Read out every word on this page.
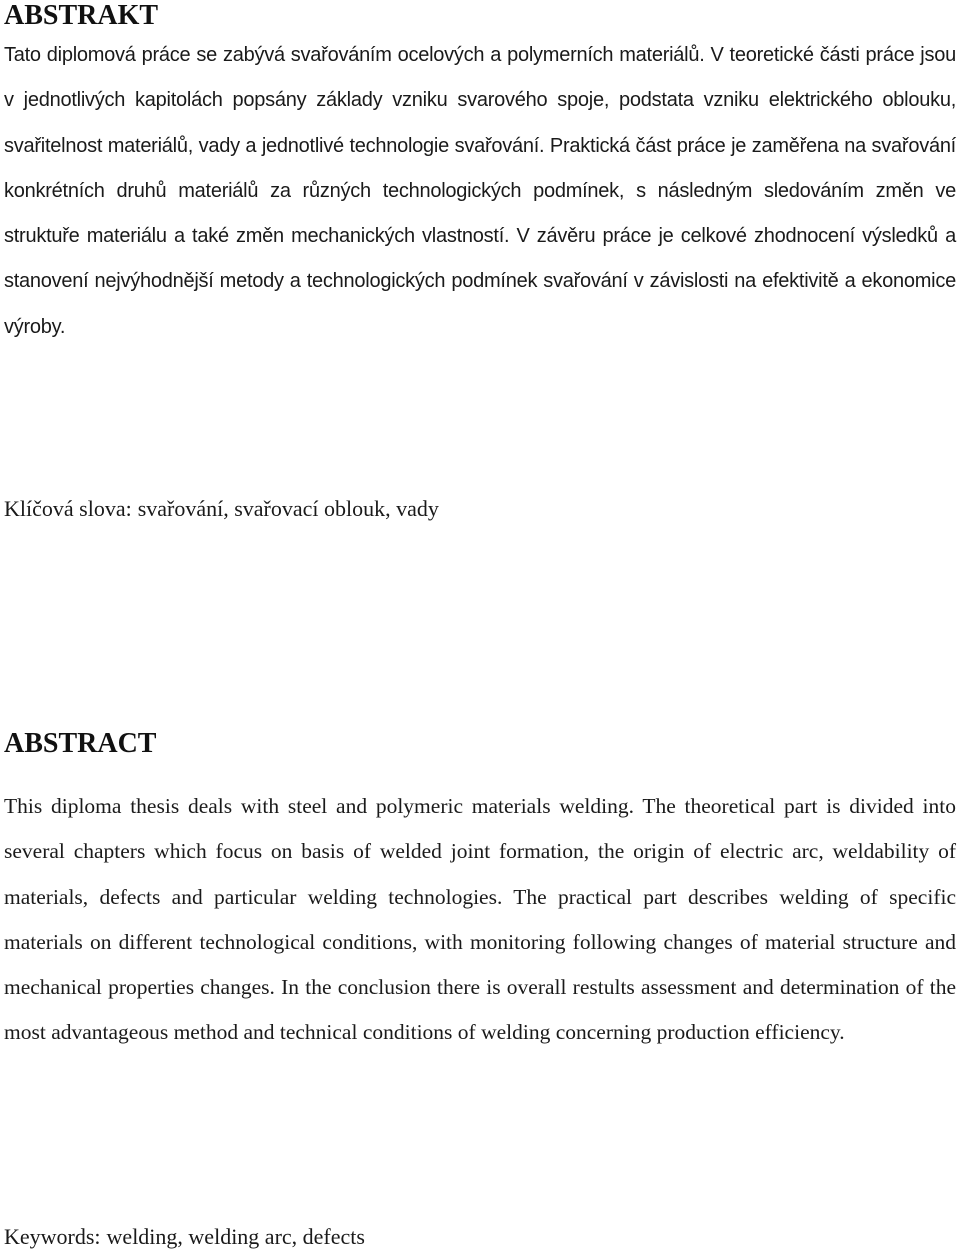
ABSTRAKT

Tato diplomová práce se zabývá svařováním ocelových a polymerních materiálů. V teoretické části práce jsou v jednotlivých kapitolách popsány základy vzniku svarového spoje, podstata vzniku elektrického oblouku, svařitelnost materiálů, vady a jednotlivé technologie svařování. Praktická část práce je zaměřena na svařování konkrétních druhů materiálů za různých technologických podmínek, s následným sledováním změn ve struktuře materiálu a také změn mechanických vlastností. V závěru práce je celkové zhodnocení výsledků a stanovení nejvýhodnější metody a technologických podmínek svařování v závislosti na efektivitě a ekonomice výroby.

Klíčová slova: svařování, svařovací oblouk, vady

ABSTRACT

This diploma thesis deals with steel and polymeric materials welding. The theoretical part is divided into several chapters which focus on basis of welded joint formation, the origin of electric arc, weldability of materials, defects and particular welding technologies. The practical part describes welding of specific materials on different technological conditions, with monitoring following changes of material structure and mechanical properties changes. In the conclusion there is overall restults assessment and determination of the most advantageous method and technical conditions of welding concerning production efficiency.

Keywords: welding, welding arc, defects
